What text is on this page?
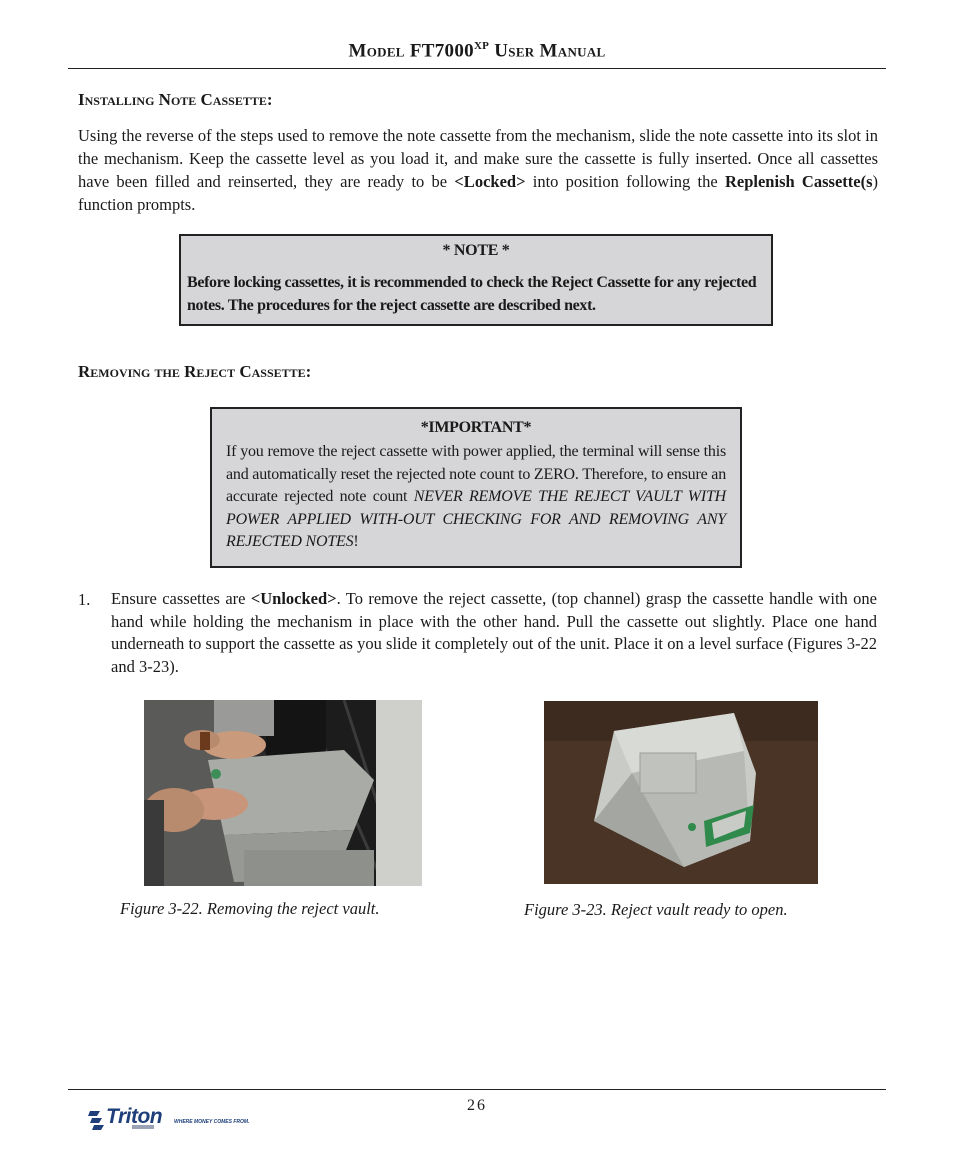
Model $FT7000^{XP}$ User Manual
Installing Note Cassette:
Using the reverse of the steps used to remove the note cassette from the mechanism, slide the note cassette into its slot in the mechanism. Keep the cassette level as you load it, and make sure the cassette is fully inserted. Once all cassettes have been filled and reinserted, they are ready to be <Locked> into position following the Replenish Cassette(s) function prompts.
* NOTE *
Before locking cassettes, it is recommended to check the Reject Cassette for any rejected notes. The procedures for the reject cassette are described next.
Removing the Reject Cassette:
*IMPORTANT*
If you remove the reject cassette with power applied, the terminal will sense this and automatically reset the rejected note count to ZERO. Therefore, to ensure an accurate rejected note count NEVER REMOVE THE REJECT VAULT WITH POWER APPLIED WITH-OUT CHECKING FOR AND REMOVING ANY REJECTED NOTES!
1. Ensure cassettes are <Unlocked>. To remove the reject cassette, (top channel) grasp the cassette handle with one hand while holding the mechanism in place with the other hand. Pull the cassette out slightly. Place one hand underneath to support the cassette as you slide it completely out of the unit. Place it on a level surface (Figures 3-22 and 3-23).
Figure 3-22. Removing the reject vault.	Figure 3-23. Reject vault ready to open.
26
Triton WHERE MONEY COMES FROM.
